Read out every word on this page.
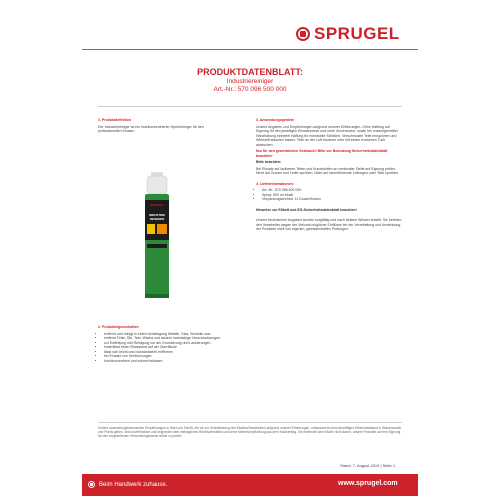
SPRUGEL
PRODUKTDATENBLATT:
Industriereiniger
Art.-Nr.: 570 096 500 000

1. Produktdefinition

Der Industriereiniger ist ein hochkonzentrierter Sprühreiniger für den professionellen Einsatz.

SPRUGEL
INDUSTRIE
REINIGER

2. Produkteigenschaften

• entfernt und reinigt in einem Arbeitsgang Metalle, Glas, Keramik usw.
• entfernt Fette, Öle, Teer, Wachs und andere hartnäckige Verschmutzungen
• zur Entfettung und Reinigung vor der Grundierung und Lackierungen
• hinterlässt einen Rückstand auf der Oberfläche
• lässt sich leicht und rückstandsfrei entfernen
• bei Einsatz von Verdünnungen
• hochkonzentriert und schnell wirksam

3. Anwendungsgebiete

Unsere Angaben und Empfehlungen aufgrund unserer Erfahrungen. Ohne Haftung auf Eignung für den jeweiligen Einsatzzweck und ohne Vorversuche, sowie bei unsachgemäßer Handhabung keinerlei Haftung für eventuelle Schäden. Verschmutzte Teile einsprühen und Wirkstoff ablaufen lassen. Teile an der Luft trocknen oder mit einem trockenen Tuch abwischen.

Nur für den gewerblichen Gebrauch! Bitte vor Benutzung Sicherheitsdatenblatt beachten!

Bitte beachten:

Bei Einsatz auf lackierten Teilen und Kunststoffen an verdeckter Stelle auf Eignung prüfen. Nicht auf Gummi und Leder sprühen. Nicht auf stromführende Leitungen oder Teile sprühen.

4. Lieferinformationen:

• Art.-Nr.: 570 096 500 000
• Spray: 500 ml Inhalt
• Verpackungseinheit: 12 Dosen/Karton

Hinweise zur Etikett und EG-Sicherheitsdatenblatt beachten!

Unsere technischen Angaben wurden sorgfältig und nach bestem Wissen erstellt. Sie befreien den Verarbeiter wegen der Vielzahl möglicher Einflüsse bei der Verarbeitung und Anwendung der Produkte nicht von eigenen, gewissenhaften Prüfungen.

Unsere anwendungstechnischen Empfehlungen in Wort und Schrift, die wir zur Unterstützung des Käufers/Verarbeiters aufgrund unserer Erfahrungen, entsprechend dem derzeitigen Erkenntnisstand in Wissenschaft und Praxis geben, sind unverbindlich und begründen kein vertragliches Rechtsverhältnis und keine Nebenverpflichtung aus dem Kaufvertrag. Sie entbinden den Käufer nicht davon, unsere Produkte auf ihre Eignung für den vorgesehenen Verwendungszweck selbst zu prüfen.
Stand: 7. August 2019 | Seite 1
Beim Handwerk zuhause.	www.sprugel.com
